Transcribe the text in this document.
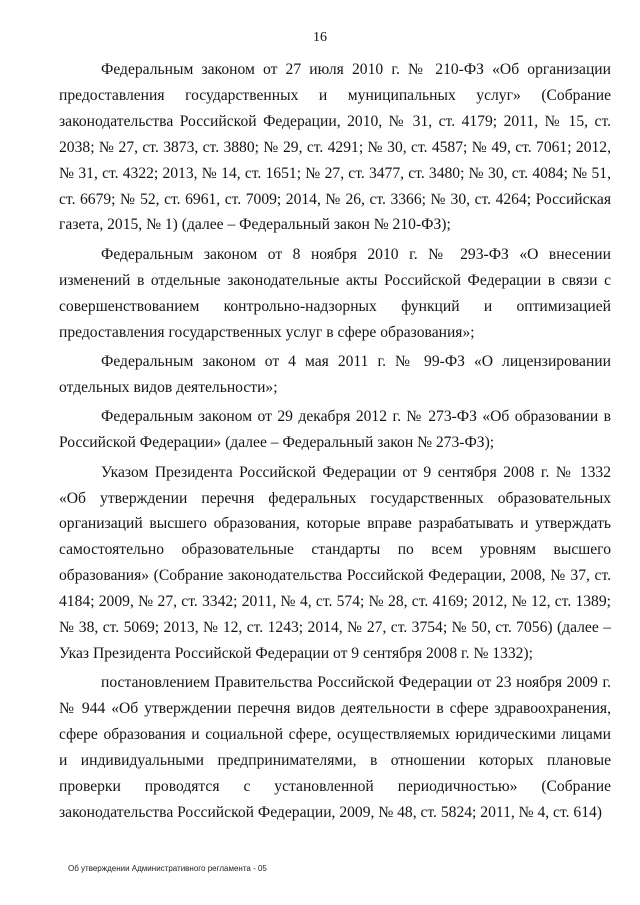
16

Федеральным законом от 27 июля 2010 г. № 210-ФЗ «Об организации предоставления государственных и муниципальных услуг» (Собрание законодательства Российской Федерации, 2010, № 31, ст. 4179; 2011, № 15, ст. 2038; № 27, ст. 3873, ст. 3880; № 29, ст. 4291; № 30, ст. 4587; № 49, ст. 7061; 2012, № 31, ст. 4322; 2013, № 14, ст. 1651; № 27, ст. 3477, ст. 3480; № 30, ст. 4084; № 51, ст. 6679; № 52, ст. 6961, ст. 7009; 2014, № 26, ст. 3366; № 30, ст. 4264; Российская газета, 2015, № 1) (далее – Федеральный закон № 210-ФЗ);

Федеральным законом от 8 ноября 2010 г. № 293-ФЗ «О внесении изменений в отдельные законодательные акты Российской Федерации в связи с совершенствованием контрольно-надзорных функций и оптимизацией предоставления государственных услуг в сфере образования»;

Федеральным законом от 4 мая 2011 г. № 99-ФЗ «О лицензировании отдельных видов деятельности»;

Федеральным законом от 29 декабря 2012 г. № 273-ФЗ «Об образовании в Российской Федерации» (далее – Федеральный закон № 273-ФЗ);

Указом Президента Российской Федерации от 9 сентября 2008 г. № 1332 «Об утверждении перечня федеральных государственных образовательных организаций высшего образования, которые вправе разрабатывать и утверждать самостоятельно образовательные стандарты по всем уровням высшего образования» (Собрание законодательства Российской Федерации, 2008, № 37, ст. 4184; 2009, № 27, ст. 3342; 2011, № 4, ст. 574; № 28, ст. 4169; 2012, № 12, ст. 1389; № 38, ст. 5069; 2013, № 12, ст. 1243; 2014, № 27, ст. 3754; № 50, ст. 7056) (далее – Указ Президента Российской Федерации от 9 сентября 2008 г. № 1332);

постановлением Правительства Российской Федерации от 23 ноября 2009 г. № 944 «Об утверждении перечня видов деятельности в сфере здравоохранения, сфере образования и социальной сфере, осуществляемых юридическими лицами и индивидуальными предпринимателями, в отношении которых плановые проверки проводятся с установленной периодичностью» (Собрание законодательства Российской Федерации, 2009, № 48, ст. 5824; 2011, № 4, ст. 614)

Об утверждении Административного регламента - 05
